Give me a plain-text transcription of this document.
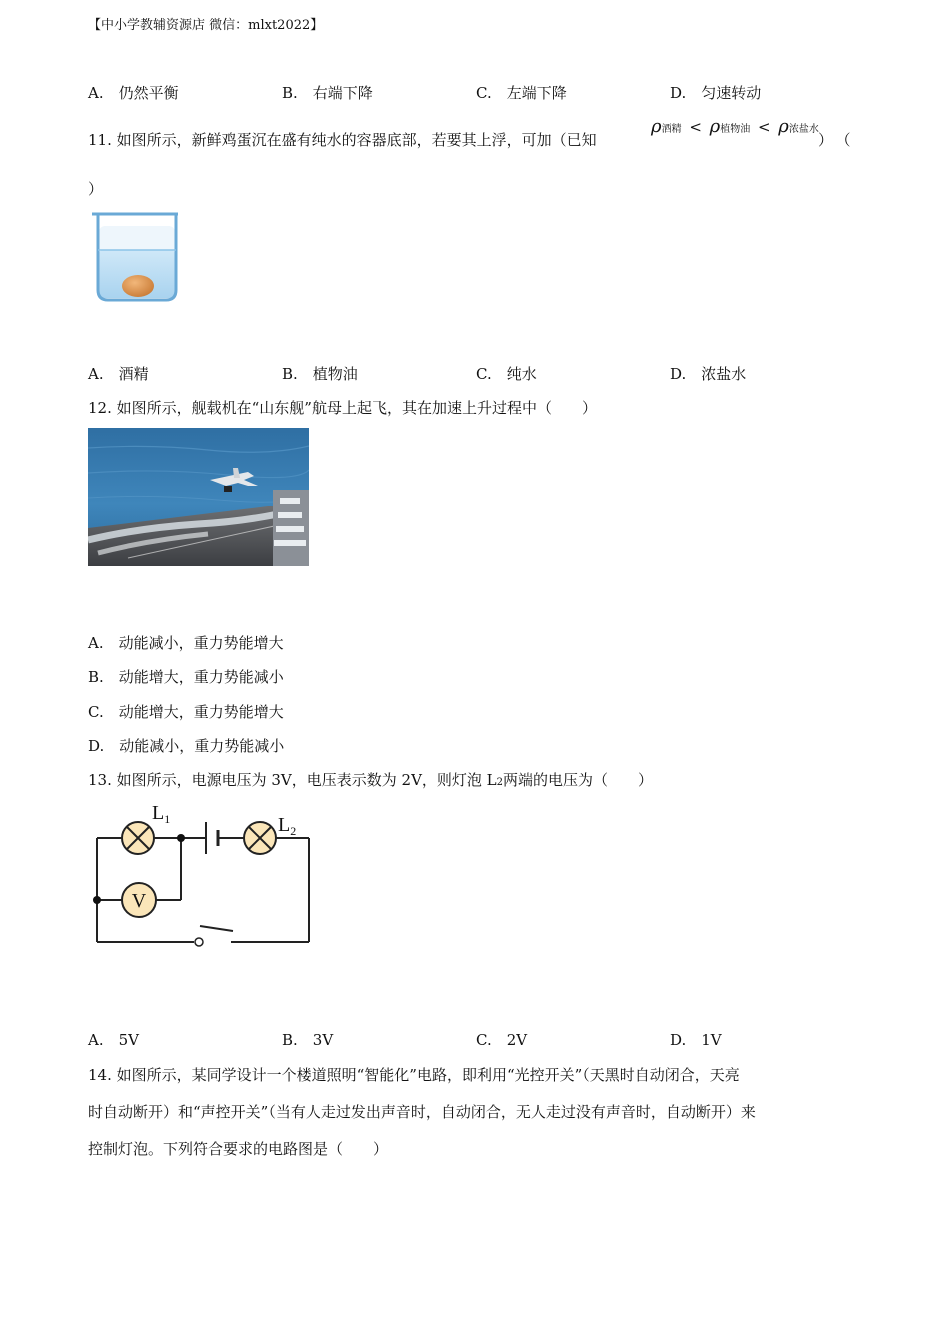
【中小学教辅资源店 微信：mlxt2022】
A.　仍然平衡	B.　右端下降	C.　左端下降	D.　匀速转动
11. 如图所示，新鲜鸡蛋沉在盛有纯水的容器底部，若要其上浮，可加（已知
ρ酒精 < ρ植物油 < ρ浓盐水
）（
）
A.　酒精	B.　植物油	C.　纯水	D.　浓盐水
12. 如图所示，舰载机在“山东舰”航母上起飞，其在加速上升过程中（　　）
A.　动能减小，重力势能增大
B.　动能增大，重力势能减小
C.　动能增大，重力势能增大
D.　动能减小，重力势能减小
13. 如图所示，电源电压为 3V，电压表示数为 2V，则灯泡 L2两端的电压为（　　）
V
$L_1$	$L_2$
A.　5V	B.　3V	C.　2V	D.　1V
14. 如图所示，某同学设计一个楼道照明“智能化”电路，即利用“光控开关”（天黑时自动闭合，天亮
时自动断开）和“声控开关”（当有人走过发出声音时，自动闭合，无人走过没有声音时，自动断开）来
控制灯泡。下列符合要求的电路图是（　　）
